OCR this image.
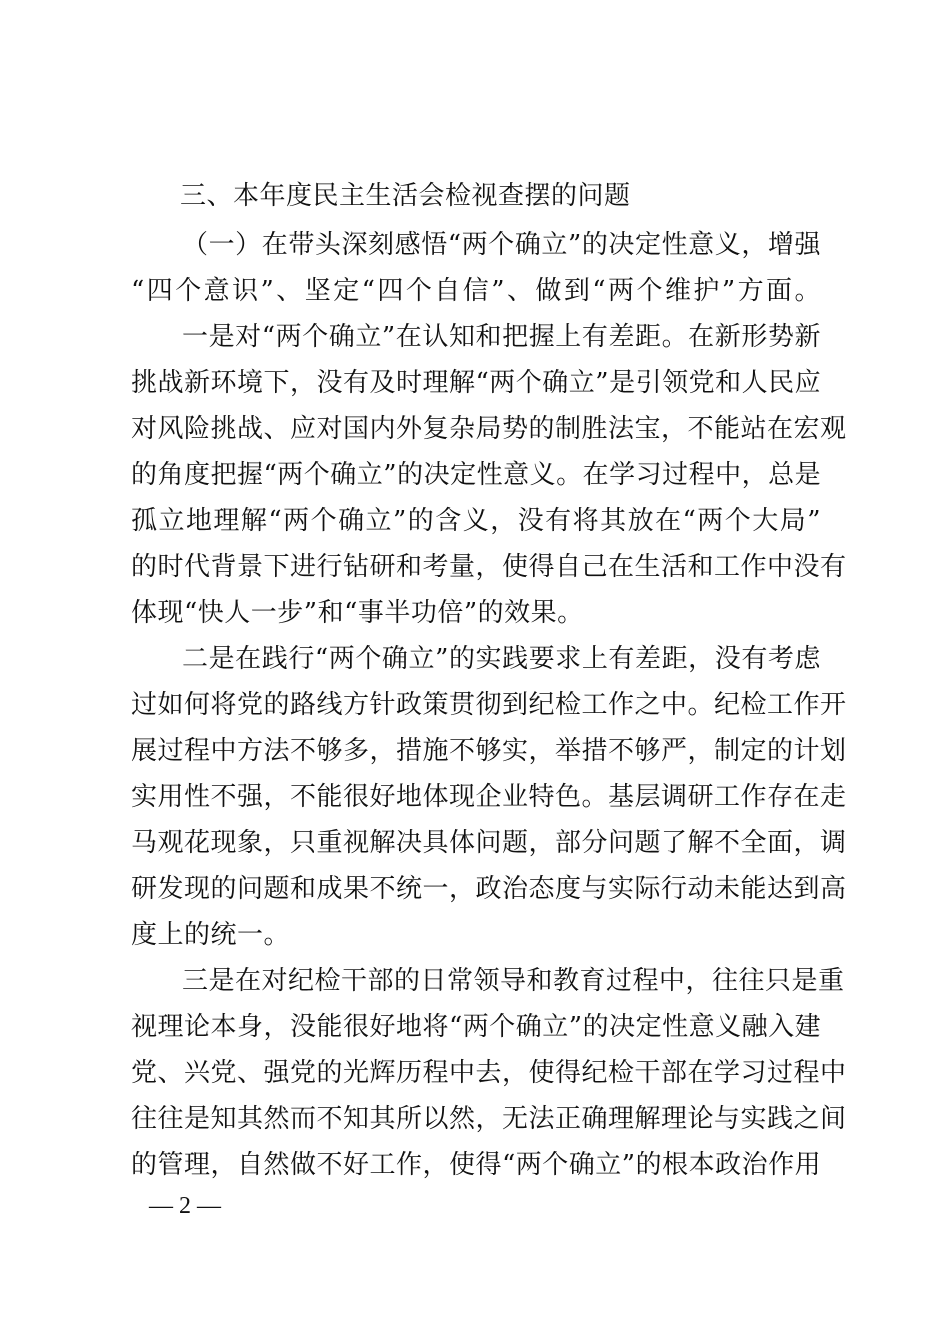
三、本年度民主生活会检视查摆的问题
（一）在带头深刻感悟“两个确立”的决定性意义，增强
“四个意识”、坚定“四个自信”、做到“两个维护”方面。
一是对“两个确立”在认知和把握上有差距。在新形势新
挑战新环境下，没有及时理解“两个确立”是引领党和人民应
对风险挑战、应对国内外复杂局势的制胜法宝，不能站在宏观
的角度把握“两个确立”的决定性意义。在学习过程中，总是
孤立地理解“两个确立”的含义，没有将其放在“两个大局”
的时代背景下进行钻研和考量，使得自己在生活和工作中没有
体现“快人一步”和“事半功倍”的效果。
二是在践行“两个确立”的实践要求上有差距，没有考虑
过如何将党的路线方针政策贯彻到纪检工作之中。纪检工作开
展过程中方法不够多，措施不够实，举措不够严，制定的计划
实用性不强，不能很好地体现企业特色。基层调研工作存在走
马观花现象，只重视解决具体问题，部分问题了解不全面，调
研发现的问题和成果不统一，政治态度与实际行动未能达到高
度上的统一。
三是在对纪检干部的日常领导和教育过程中，往往只是重
视理论本身，没能很好地将“两个确立”的决定性意义融入建
党、兴党、强党的光辉历程中去，使得纪检干部在学习过程中
往往是知其然而不知其所以然，无法正确理解理论与实践之间
的管理，自然做不好工作，使得“两个确立”的根本政治作用
— 2 —
